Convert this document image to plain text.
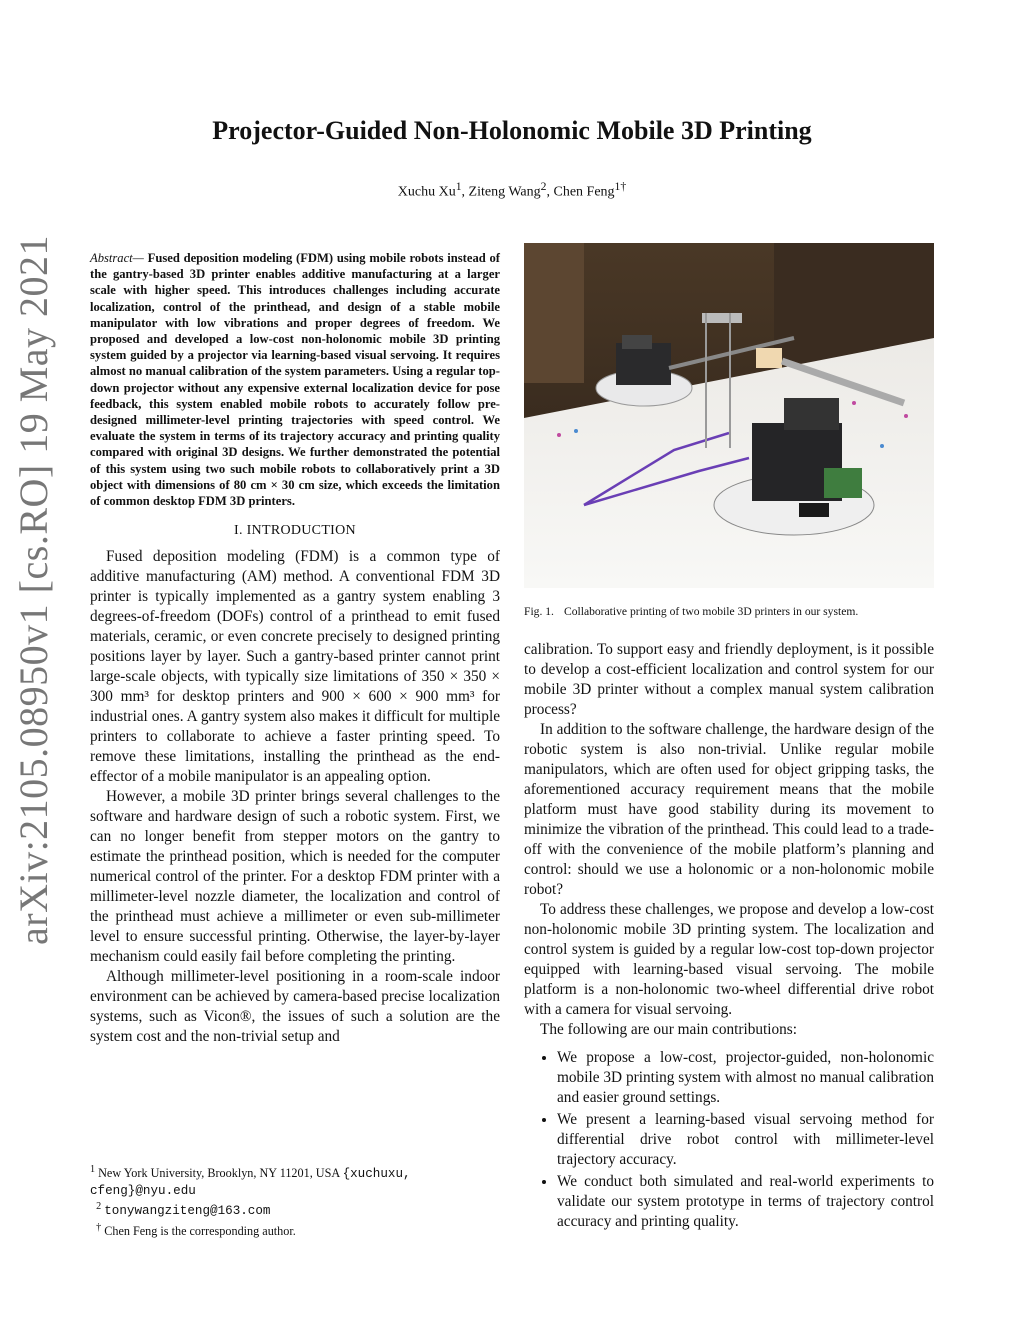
arXiv:2105.08950v1 [cs.RO] 19 May 2021
Projector-Guided Non-Holonomic Mobile 3D Printing
Xuchu Xu$^1$, Ziteng Wang$^2$, Chen Feng$^{1\dagger}$

Abstract— Fused deposition modeling (FDM) using mobile robots instead of the gantry-based 3D printer enables additive manufacturing at a larger scale with higher speed. This introduces challenges including accurate localization, control of the printhead, and design of a stable mobile manipulator with low vibrations and proper degrees of freedom. We proposed and developed a low-cost non-holonomic mobile 3D printing system guided by a projector via learning-based visual servoing. It requires almost no manual calibration of the system parameters. Using a regular top-down projector without any expensive external localization device for pose feedback, this system enabled mobile robots to accurately follow pre-designed millimeter-level printing trajectories with speed control. We evaluate the system in terms of its trajectory accuracy and printing quality compared with original 3D designs. We further demonstrated the potential of this system using two such mobile robots to collaboratively print a 3D object with dimensions of 80 cm × 30 cm size, which exceeds the limitation of common desktop FDM 3D printers.

I. INTRODUCTION

Fused deposition modeling (FDM) is a common type of additive manufacturing (AM) method. A conventional FDM 3D printer is typically implemented as a gantry system enabling 3 degrees-of-freedom (DOFs) control of a printhead to emit fused materials, ceramic, or even concrete precisely to designed printing positions layer by layer. Such a gantry-based printer cannot print large-scale objects, with typically size limitations of 350 × 350 × 300 mm³ for desktop printers and 900 × 600 × 900 mm³ for industrial ones. A gantry system also makes it difficult for multiple printers to collaborate to achieve a faster printing speed. To remove these limitations, installing the printhead as the end-effector of a mobile manipulator is an appealing option.

However, a mobile 3D printer brings several challenges to the software and hardware design of such a robotic system. First, we can no longer benefit from stepper motors on the gantry to estimate the printhead position, which is needed for the computer numerical control of the printer. For a desktop FDM printer with a millimeter-level nozzle diameter, the localization and control of the printhead must achieve a millimeter or even sub-millimeter level to ensure successful printing. Otherwise, the layer-by-layer mechanism could easily fail before completing the printing.

Although millimeter-level positioning in a room-scale indoor environment can be achieved by camera-based precise localization systems, such as Vicon®, the issues of such a solution are the system cost and the non-trivial setup and

Fig. 1. Collaborative printing of two mobile 3D printers in our system.

calibration. To support easy and friendly deployment, is it possible to develop a cost-efficient localization and control system for our mobile 3D printer without a complex manual system calibration process?

In addition to the software challenge, the hardware design of the robotic system is also non-trivial. Unlike regular mobile manipulators, which are often used for object gripping tasks, the aforementioned accuracy requirement means that the mobile platform must have good stability during its movement to minimize the vibration of the printhead. This could lead to a trade-off with the convenience of the mobile platform’s planning and control: should we use a holonomic or a non-holonomic mobile robot?

To address these challenges, we propose and develop a low-cost non-holonomic mobile 3D printing system. The localization and control system is guided by a regular low-cost top-down projector equipped with learning-based visual servoing. The mobile platform is a non-holonomic two-wheel differential drive robot with a camera for visual servoing.

The following are our main contributions:

• We propose a low-cost, projector-guided, non-holonomic mobile 3D printing system with almost no manual calibration and easier ground settings.
• We present a learning-based visual servoing method for differential drive robot control with millimeter-level trajectory accuracy.
• We conduct both simulated and real-world experiments to validate our system prototype in terms of trajectory control accuracy and printing quality.
$^1$ New York University, Brooklyn, NY 11201, USA {xuchuxu, cfeng}@nyu.edu
$^2$ tonywangziteng@163.com
† Chen Feng is the corresponding author.
